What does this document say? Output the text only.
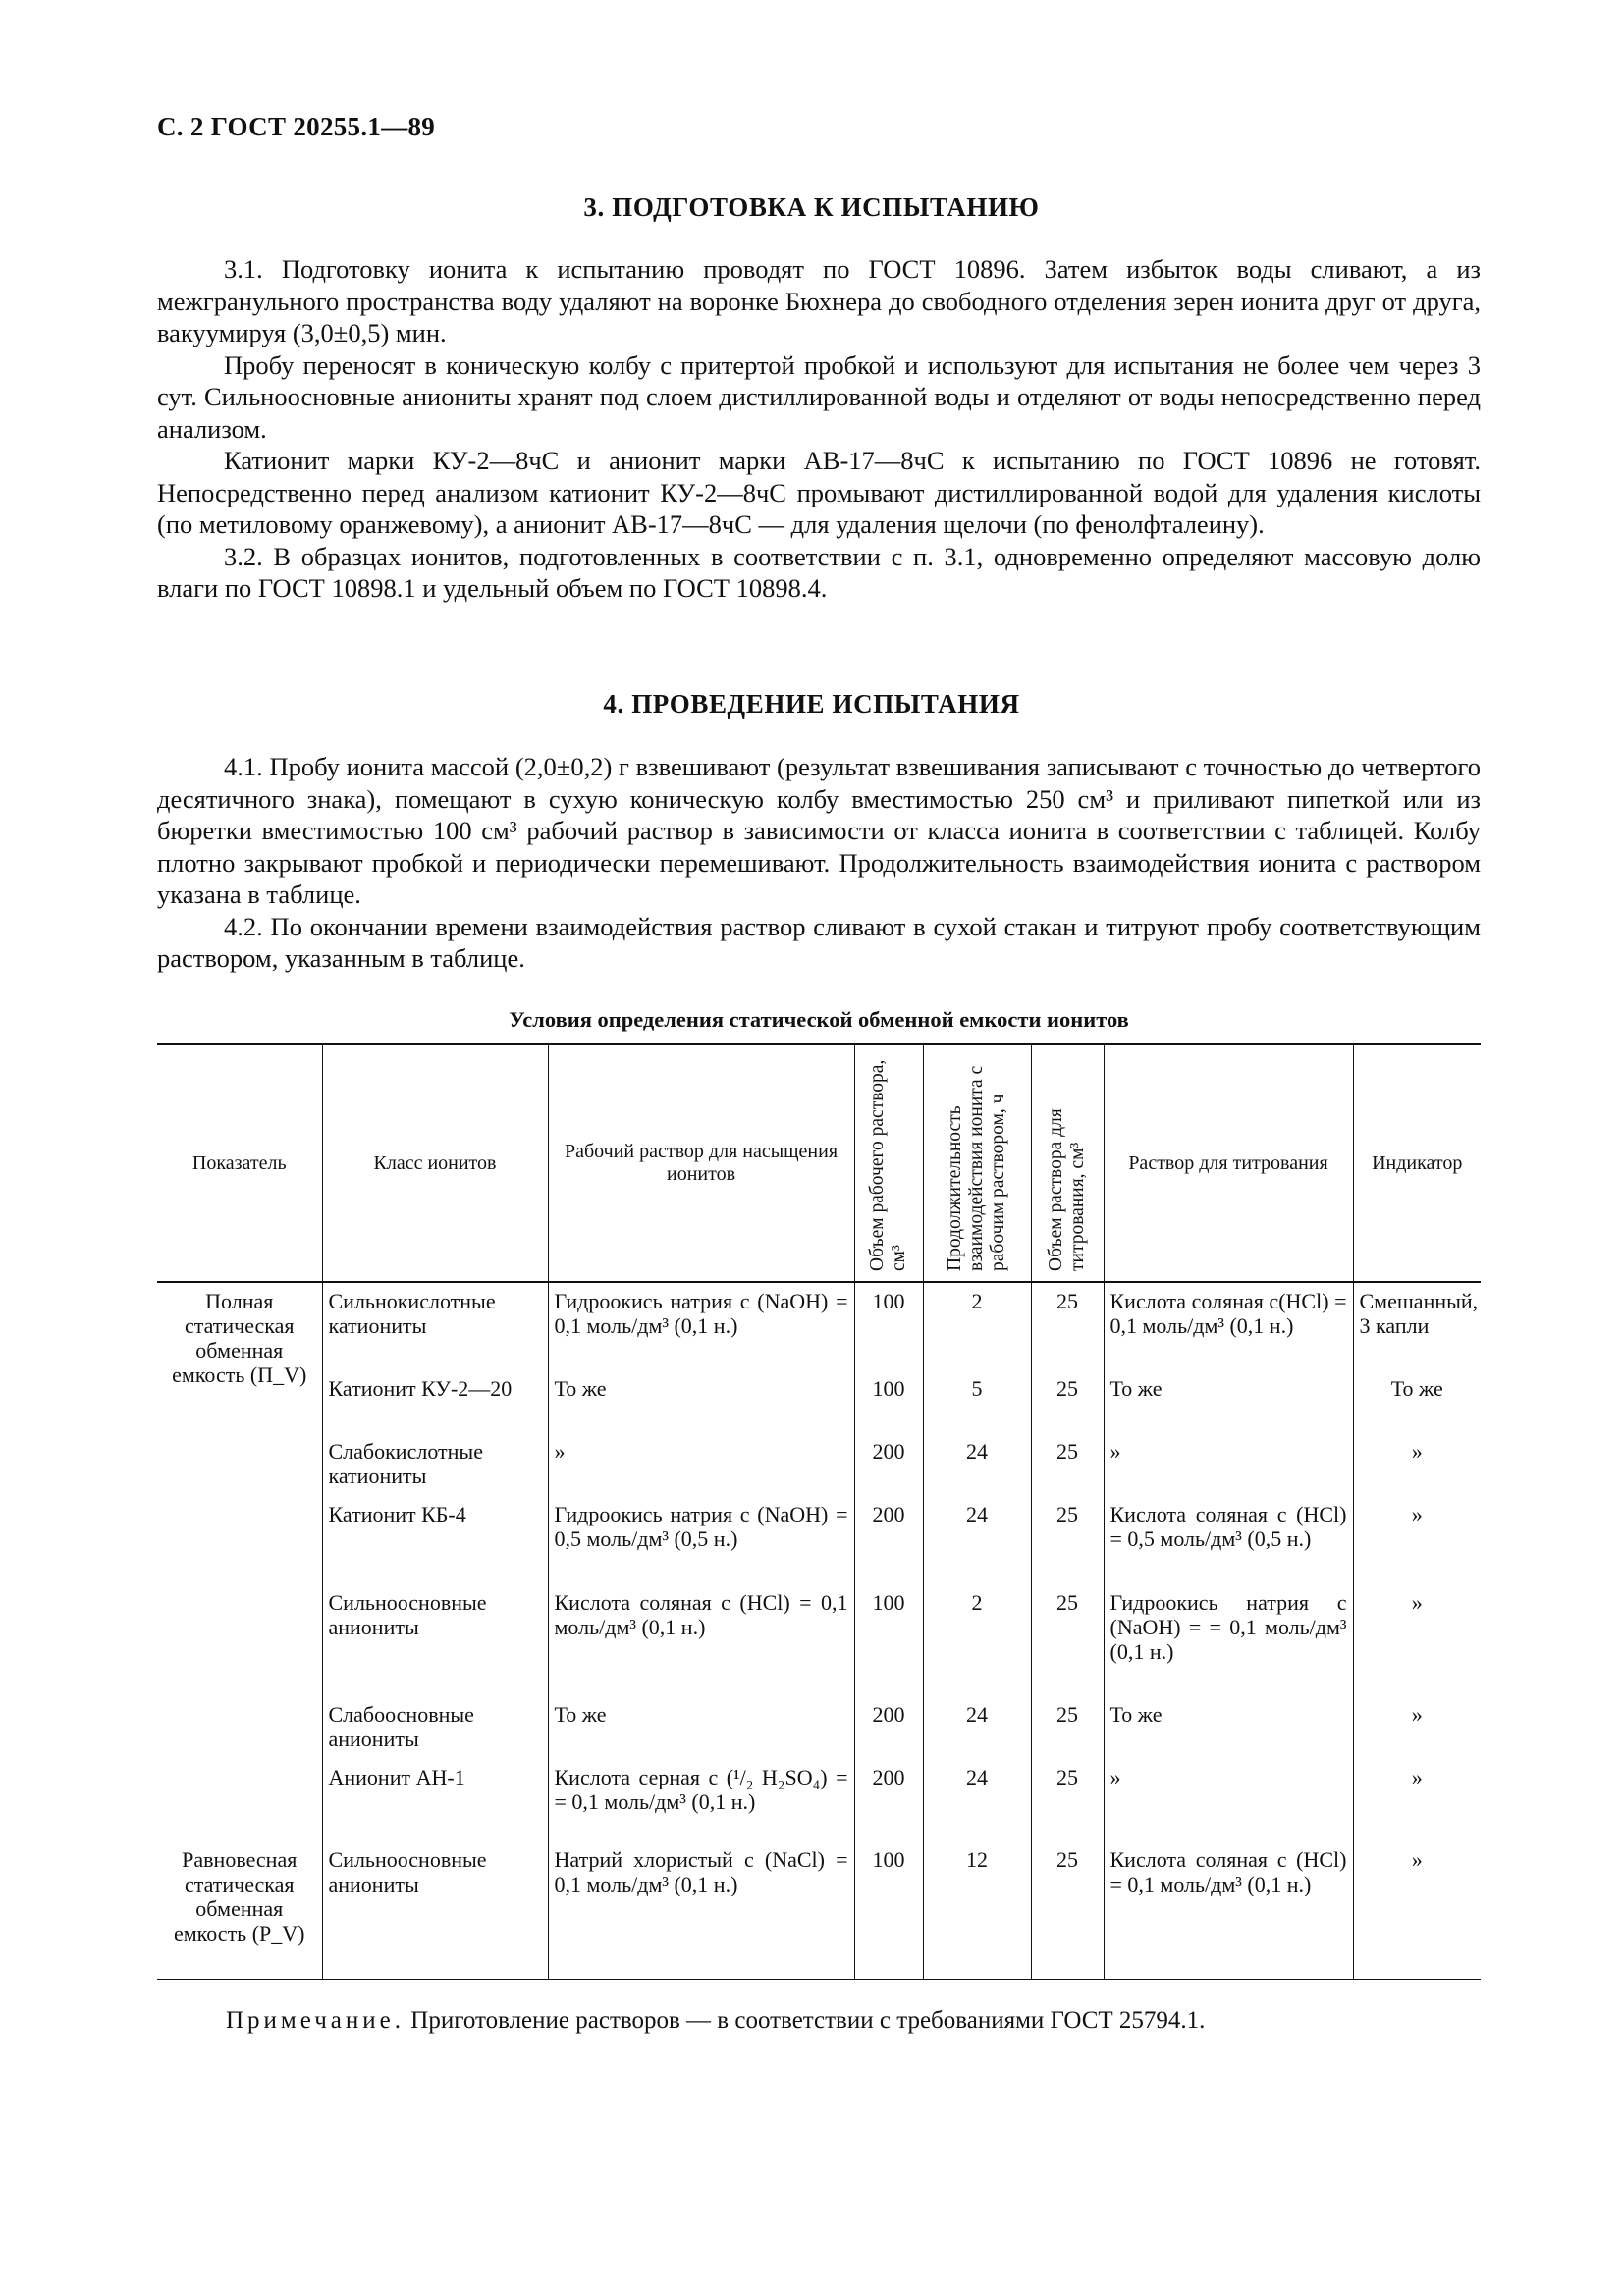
С. 2 ГОСТ 20255.1—89
3. ПОДГОТОВКА К ИСПЫТАНИЮ

3.1. Подготовку ионита к испытанию проводят по ГОСТ 10896. Затем избыток воды сливают, а из межгранульного пространства воду удаляют на воронке Бюхнера до свободного отделения зерен ионита друг от друга, вакуумируя (3,0±0,5) мин.

Пробу переносят в коническую колбу с притертой пробкой и используют для испытания не более чем через 3 сут. Сильноосновные аниониты хранят под слоем дистиллированной воды и отделяют от воды непосредственно перед анализом.

Катионит марки КУ-2—8чС и анионит марки АВ-17—8чС к испытанию по ГОСТ 10896 не готовят. Непосредственно перед анализом катионит КУ-2—8чС промывают дистиллированной водой для удаления кислоты (по метиловому оранжевому), а анионит АВ-17—8чС — для удаления щелочи (по фенолфталеину).

3.2. В образцах ионитов, подготовленных в соответствии с п. 3.1, одновременно определяют массовую долю влаги по ГОСТ 10898.1 и удельный объем по ГОСТ 10898.4.

4. ПРОВЕДЕНИЕ ИСПЫТАНИЯ

4.1. Пробу ионита массой (2,0±0,2) г взвешивают (результат взвешивания записывают с точностью до четвертого десятичного знака), помещают в сухую коническую колбу вместимостью 250 см³ и приливают пипеткой или из бюретки вместимостью 100 см³ рабочий раствор в зависимости от класса ионита в соответствии с таблицей. Колбу плотно закрывают пробкой и периодически перемешивают. Продолжительность взаимодействия ионита с раствором указана в таблице.

4.2. По окончании времени взаимодействия раствор сливают в сухой стакан и титруют пробу соответствующим раствором, указанным в таблице.

Условия определения статической обменной емкости ионитов
Показатель	Класс ионитов	Рабочий раствор для насыщения ионитов	Объем рабочего раствора, см³	Продолжительность взаимодействия ионита с рабочим раствором, ч	Объем раствора для титрования, см³	Раствор для титрования	Индикатор
Полная статическая обменная емкость (П_V)	Сильнокислотные катиониты	Гидроокись натрия c (NaOH) = 0,1 моль/дм³ (0,1 н.)	100	2	25	Кислота соляная c(HCl) = 0,1 моль/дм³ (0,1 н.)	Смешанный, 3 капли
	Катионит КУ-2—20	То же	100	5	25	То же	То же
	Слабокислотные катиониты	»	200	24	25	»	»
	Катионит КБ-4	Гидроокись натрия c (NaOH) = 0,5 моль/дм³ (0,5 н.)	200	24	25	Кислота соляная c (HCl) = 0,5 моль/дм³ (0,5 н.)	»
	Сильноосновные аниониты	Кислота соляная c (HCl) = 0,1 моль/дм³ (0,1 н.)	100	2	25	Гидроокись натрия c (NaOH) = = 0,1 моль/дм³ (0,1 н.)	»
	Слабоосновные аниониты	То же	200	24	25	То же	»
	Анионит АН-1	Кислота серная c (¹/₂ H₂SO₄) = = 0,1 моль/дм³ (0,1 н.)	200	24	25	»	»
Равновесная статическая обменная емкость (P_V)	Сильноосновные аниониты	Натрий хлористый c (NaCl) = 0,1 моль/дм³ (0,1 н.)	100	12	25	Кислота соляная c (HCl) = 0,1 моль/дм³ (0,1 н.)	»
Примечание. Приготовление растворов — в соответствии с требованиями ГОСТ 25794.1.
